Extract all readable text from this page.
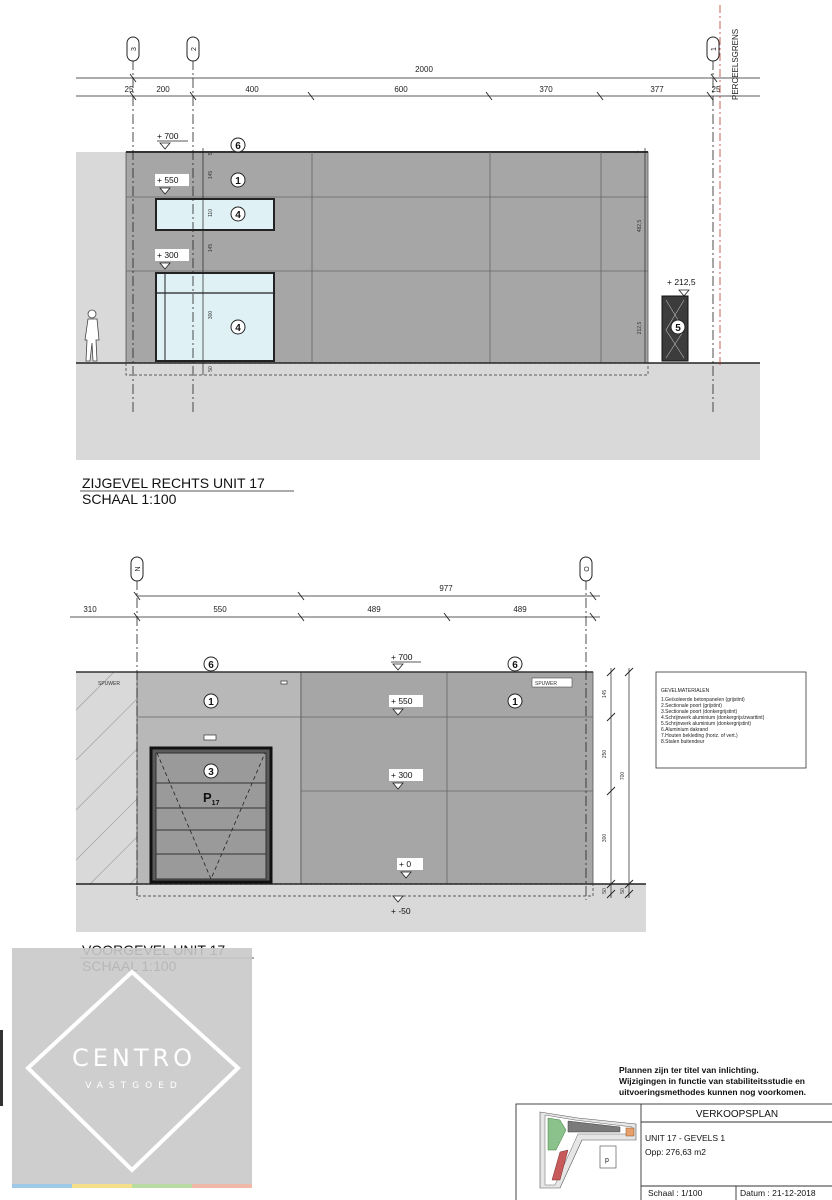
2000
25	200	400	600	370	377	25 PERCEELSGRENS
3	2	1
+ 700
+ 550
+ 300
+ 212,5
5
145
110
145
300
50
5
482,5
212,5
6
1
4
4	5
ZIJGEVEL RECHTS UNIT 17
SCHAAL 1:100
$P_{17}$
SPUWER	SPUWER
977
310	550	489	489
N	O
+ 700
+ 550
+ 300
+ 0
+ -50
145
250
300
50
700
50
6	6
1	1
3
GEVELMATERIALEN
1.Geïsoleerde betonpanelen (grijstint)
2.Sectionale poort (grijstint)
3.Sectionale poort (donkergrijstint)
4.Schrijnwerk aluminium (donkergrijs/zwarttint)
5.Schrijnwerk aluminium (donkergrijstint)
6.Aluminium dakrand
7.Houten bekleding (horiz. of vert.)
8.Stalen buitendeur
CENTRO
VASTGOED
Plannen zijn ter titel van inlichting.
Wijzigingen in functie van stabiliteitsstudie en
uitvoeringsmethodes kunnen nog voorkomen.
VERKOOPSPLAN
UNIT 17 - GEVELS 1
Opp: 276,63 m2
Schaal : 1/100	Datum : 21-12-2018
p
